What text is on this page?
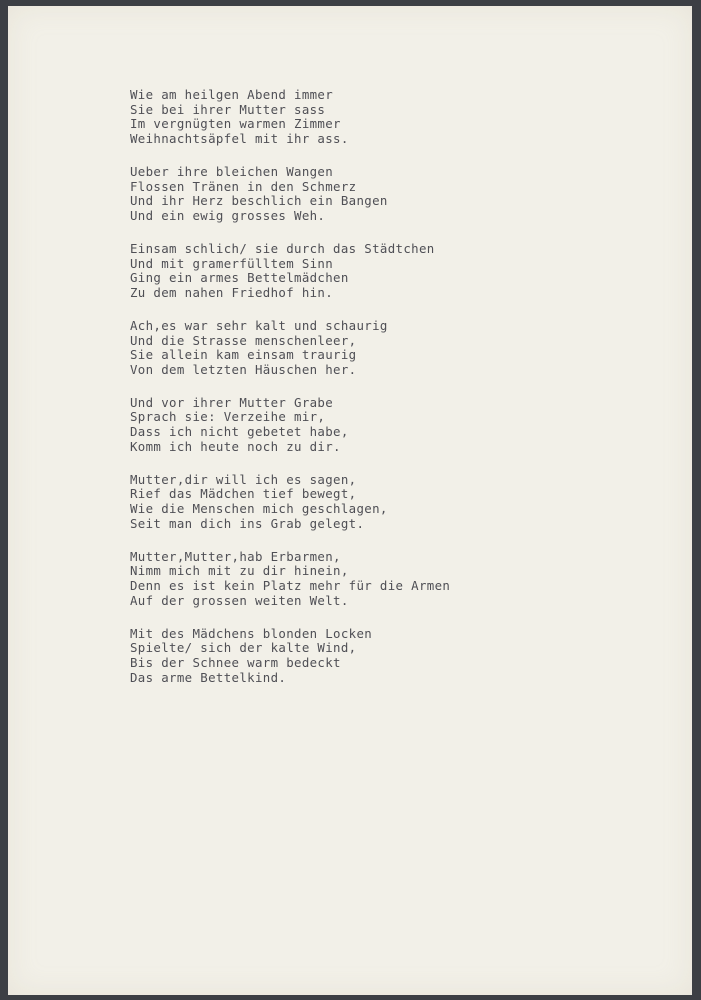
Wie am heilgen Abend immer
Sie bei ihrer Mutter sass
Im vergnügten warmen Zimmer
Weihnachtsäpfel mit ihr ass.
Ueber ihre bleichen Wangen
Flossen Tränen in den Schmerz
Und ihr Herz beschlich ein Bangen
Und ein ewig grosses Weh.
Einsam schlich/ sie durch das Städtchen
Und mit gramerfülltem Sinn
Ging ein armes Bettelmädchen
Zu dem nahen Friedhof hin.
Ach,es war sehr kalt und schaurig
Und die Strasse menschenleer,
Sie allein kam einsam traurig
Von dem letzten Häuschen her.
Und vor ihrer Mutter Grabe
Sprach sie: Verzeihe mir,
Dass ich nicht gebetet habe,
Komm ich heute noch zu dir.
Mutter,dir will ich es sagen,
Rief das Mädchen tief bewegt,
Wie die Menschen mich geschlagen,
Seit man dich ins Grab gelegt.
Mutter,Mutter,hab Erbarmen,
Nimm mich mit zu dir hinein,
Denn es ist kein Platz mehr für die Armen
Auf der grossen weiten Welt.
Mit des Mädchens blonden Locken
Spielte/ sich der kalte Wind,
Bis der Schnee warm bedeckt
Das arme Bettelkind.
